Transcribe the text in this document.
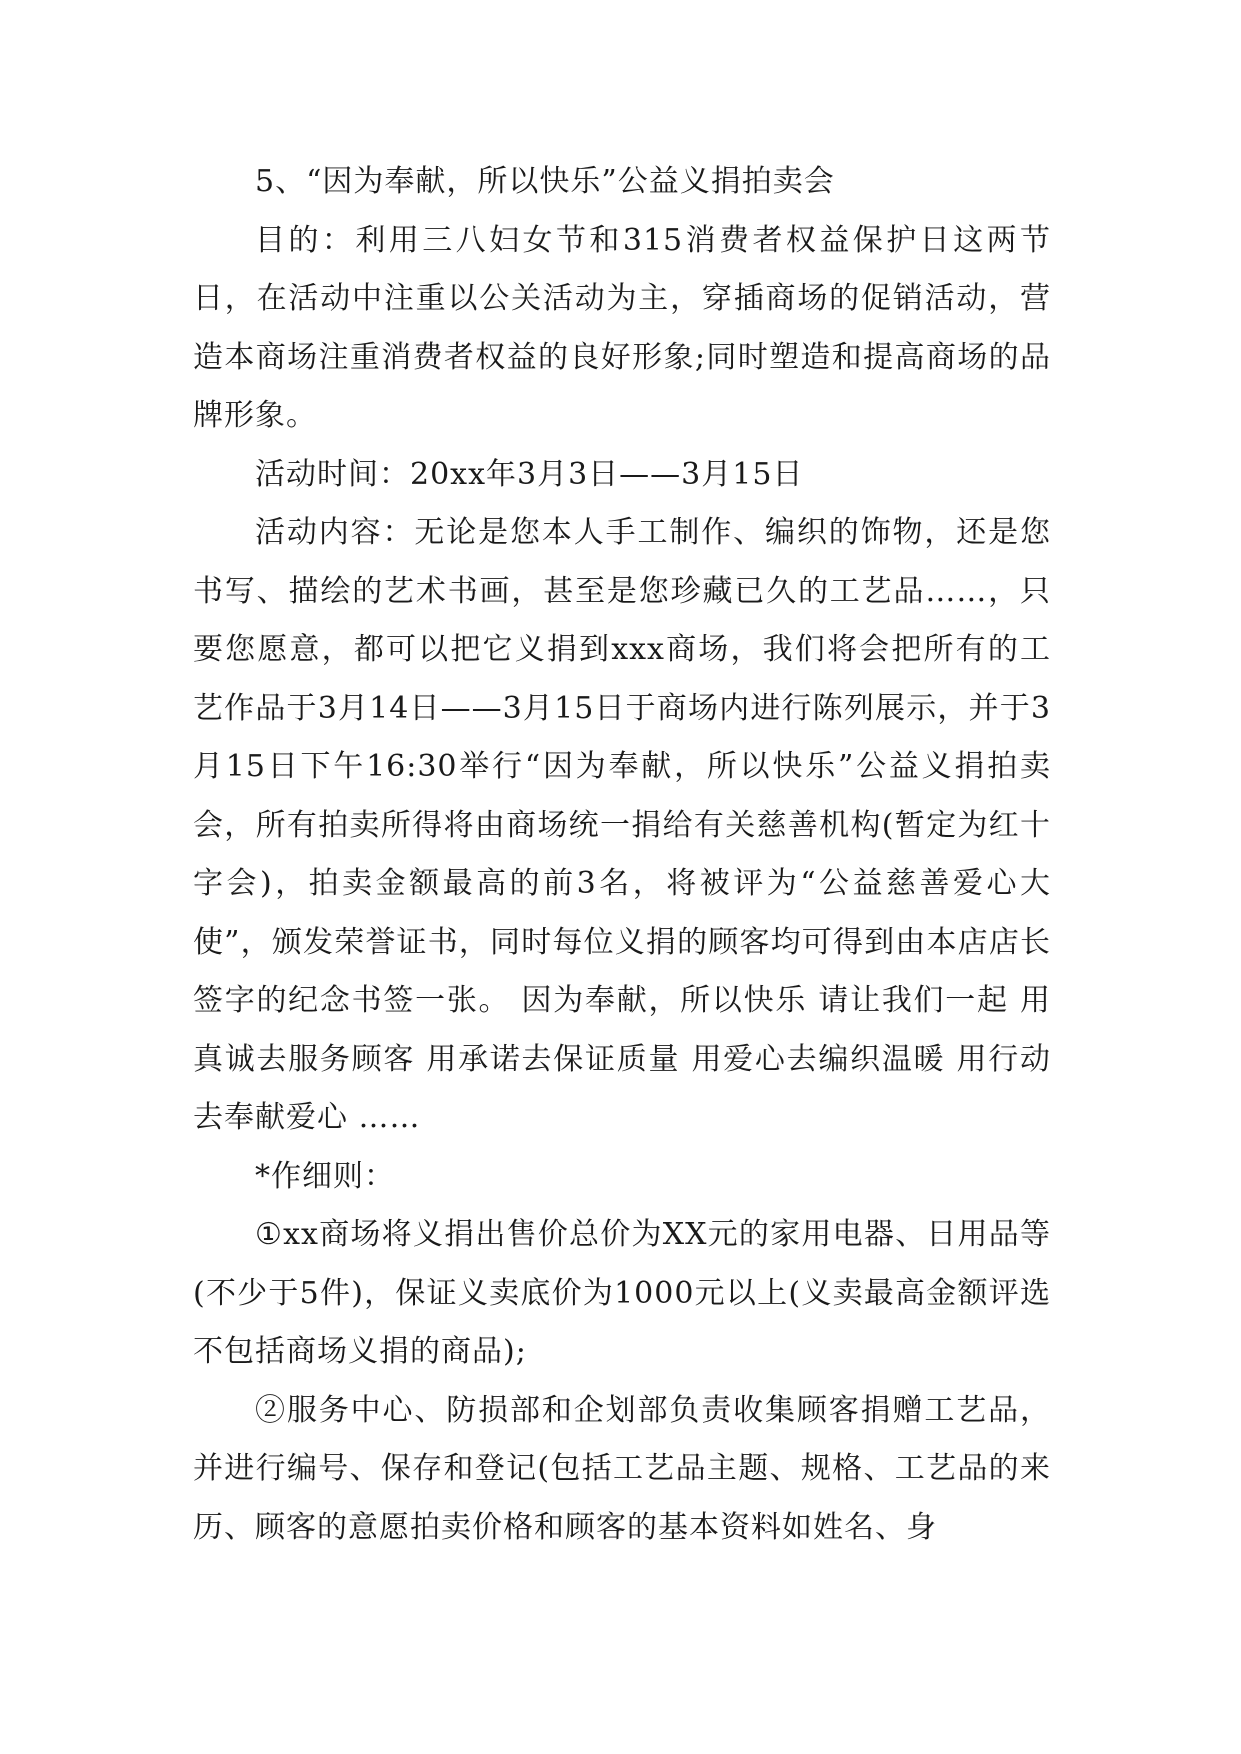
5、“因为奉献，所以快乐”公益义捐拍卖会

目的：利用三八妇女节和315消费者权益保护日这两节日，在活动中注重以公关活动为主，穿插商场的促销活动，营造本商场注重消费者权益的良好形象;同时塑造和提高商场的品牌形象。

活动时间：20xx年3月3日——3月15日

活动内容：无论是您本人手工制作、编织的饰物，还是您书写、描绘的艺术书画，甚至是您珍藏已久的工艺品……，只要您愿意，都可以把它义捐到xxx商场，我们将会把所有的工艺作品于3月14日——3月15日于商场内进行陈列展示，并于3月15日下午16:30举行“因为奉献，所以快乐”公益义捐拍卖会，所有拍卖所得将由商场统一捐给有关慈善机构(暂定为红十字会)，拍卖金额最高的前3名，将被评为“公益慈善爱心大使”，颁发荣誉证书，同时每位义捐的顾客均可得到由本店店长签字的纪念书签一张。 因为奉献，所以快乐 请让我们一起 用真诚去服务顾客 用承诺去保证质量 用爱心去编织温暖 用行动去奉献爱心 ……

*作细则：

①xx商场将义捐出售价总价为XX元的家用电器、日用品等(不少于5件)，保证义卖底价为1000元以上(义卖最高金额评选不包括商场义捐的商品);

②服务中心、防损部和企划部负责收集顾客捐赠工艺品，并进行编号、保存和登记(包括工艺品主题、规格、工艺品的来历、顾客的意愿拍卖价格和顾客的基本资料如姓名、身
